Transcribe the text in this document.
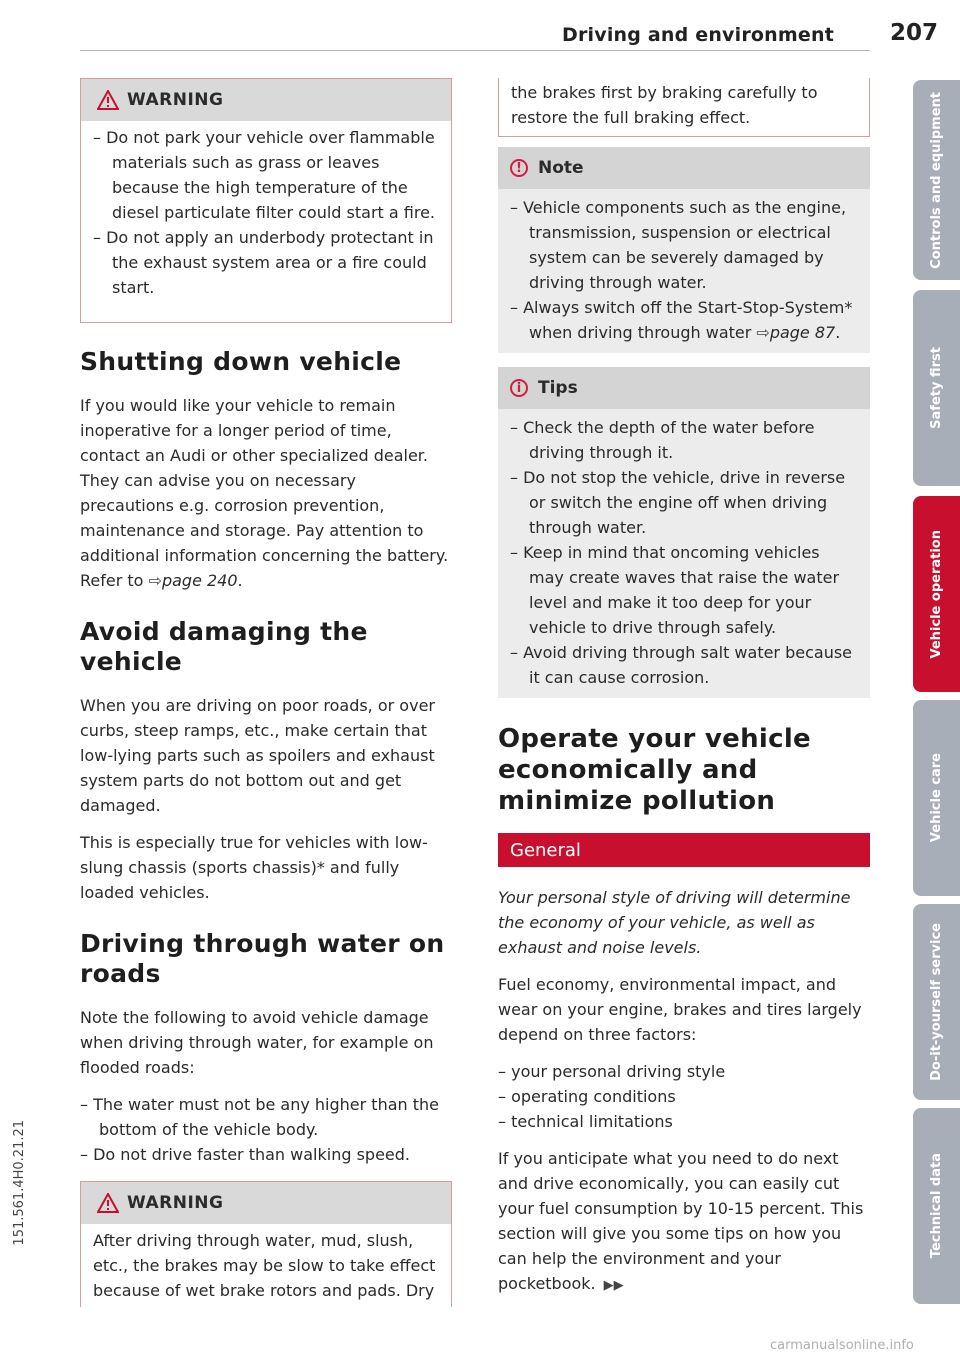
Driving and environment 207
WARNING
– Do not park your vehicle over flammable materials such as grass or leaves because the high temperature of the diesel particulate filter could start a fire.
– Do not apply an underbody protectant in the exhaust system area or a fire could start.
Shutting down vehicle

If you would like your vehicle to remain inoperative for a longer period of time, contact an Audi or other specialized dealer. They can advise you on necessary precautions e.g. corrosion prevention, maintenance and storage. Pay attention to additional information concerning the battery. Refer to ⇨page 240.

Avoid damaging the vehicle

When you are driving on poor roads, or over curbs, steep ramps, etc., make certain that low-lying parts such as spoilers and exhaust system parts do not bottom out and get damaged.

This is especially true for vehicles with low-slung chassis (sports chassis)* and fully loaded vehicles.

Driving through water on roads

Note the following to avoid vehicle damage when driving through water, for example on flooded roads:

– The water must not be any higher than the bottom of the vehicle body.
– Do not drive faster than walking speed.
WARNING

After driving through water, mud, slush, etc., the brakes may be slow to take effect because of wet brake rotors and pads. Dry

the brakes first by braking carefully to restore the full braking effect.

! Note
– Vehicle components such as the engine, transmission, suspension or electrical system can be severely damaged by driving through water.
– Always switch off the Start-Stop-System* when driving through water ⇨page 87.
i Tips
– Check the depth of the water before driving through it.
– Do not stop the vehicle, drive in reverse or switch the engine off when driving through water.
– Keep in mind that oncoming vehicles may create waves that raise the water level and make it too deep for your vehicle to drive through safely.
– Avoid driving through salt water because it can cause corrosion.
Operate your vehicle economically and minimize pollution
General

Your personal style of driving will determine the economy of your vehicle, as well as exhaust and noise levels.

Fuel economy, environmental impact, and wear on your engine, brakes and tires largely depend on three factors:

– your personal driving style
– operating conditions
– technical limitations

If you anticipate what you need to do next and drive economically, you can easily cut your fuel consumption by 10-15 percent. This section will give you some tips on how you can help the environment and your pocketbook. ▶▶

Controls and equipment
Safety first
Vehicle operation
Vehicle care
Do-it-yourself service
Technical data
151.561.4H0.21.21
carmanualsonline.info
